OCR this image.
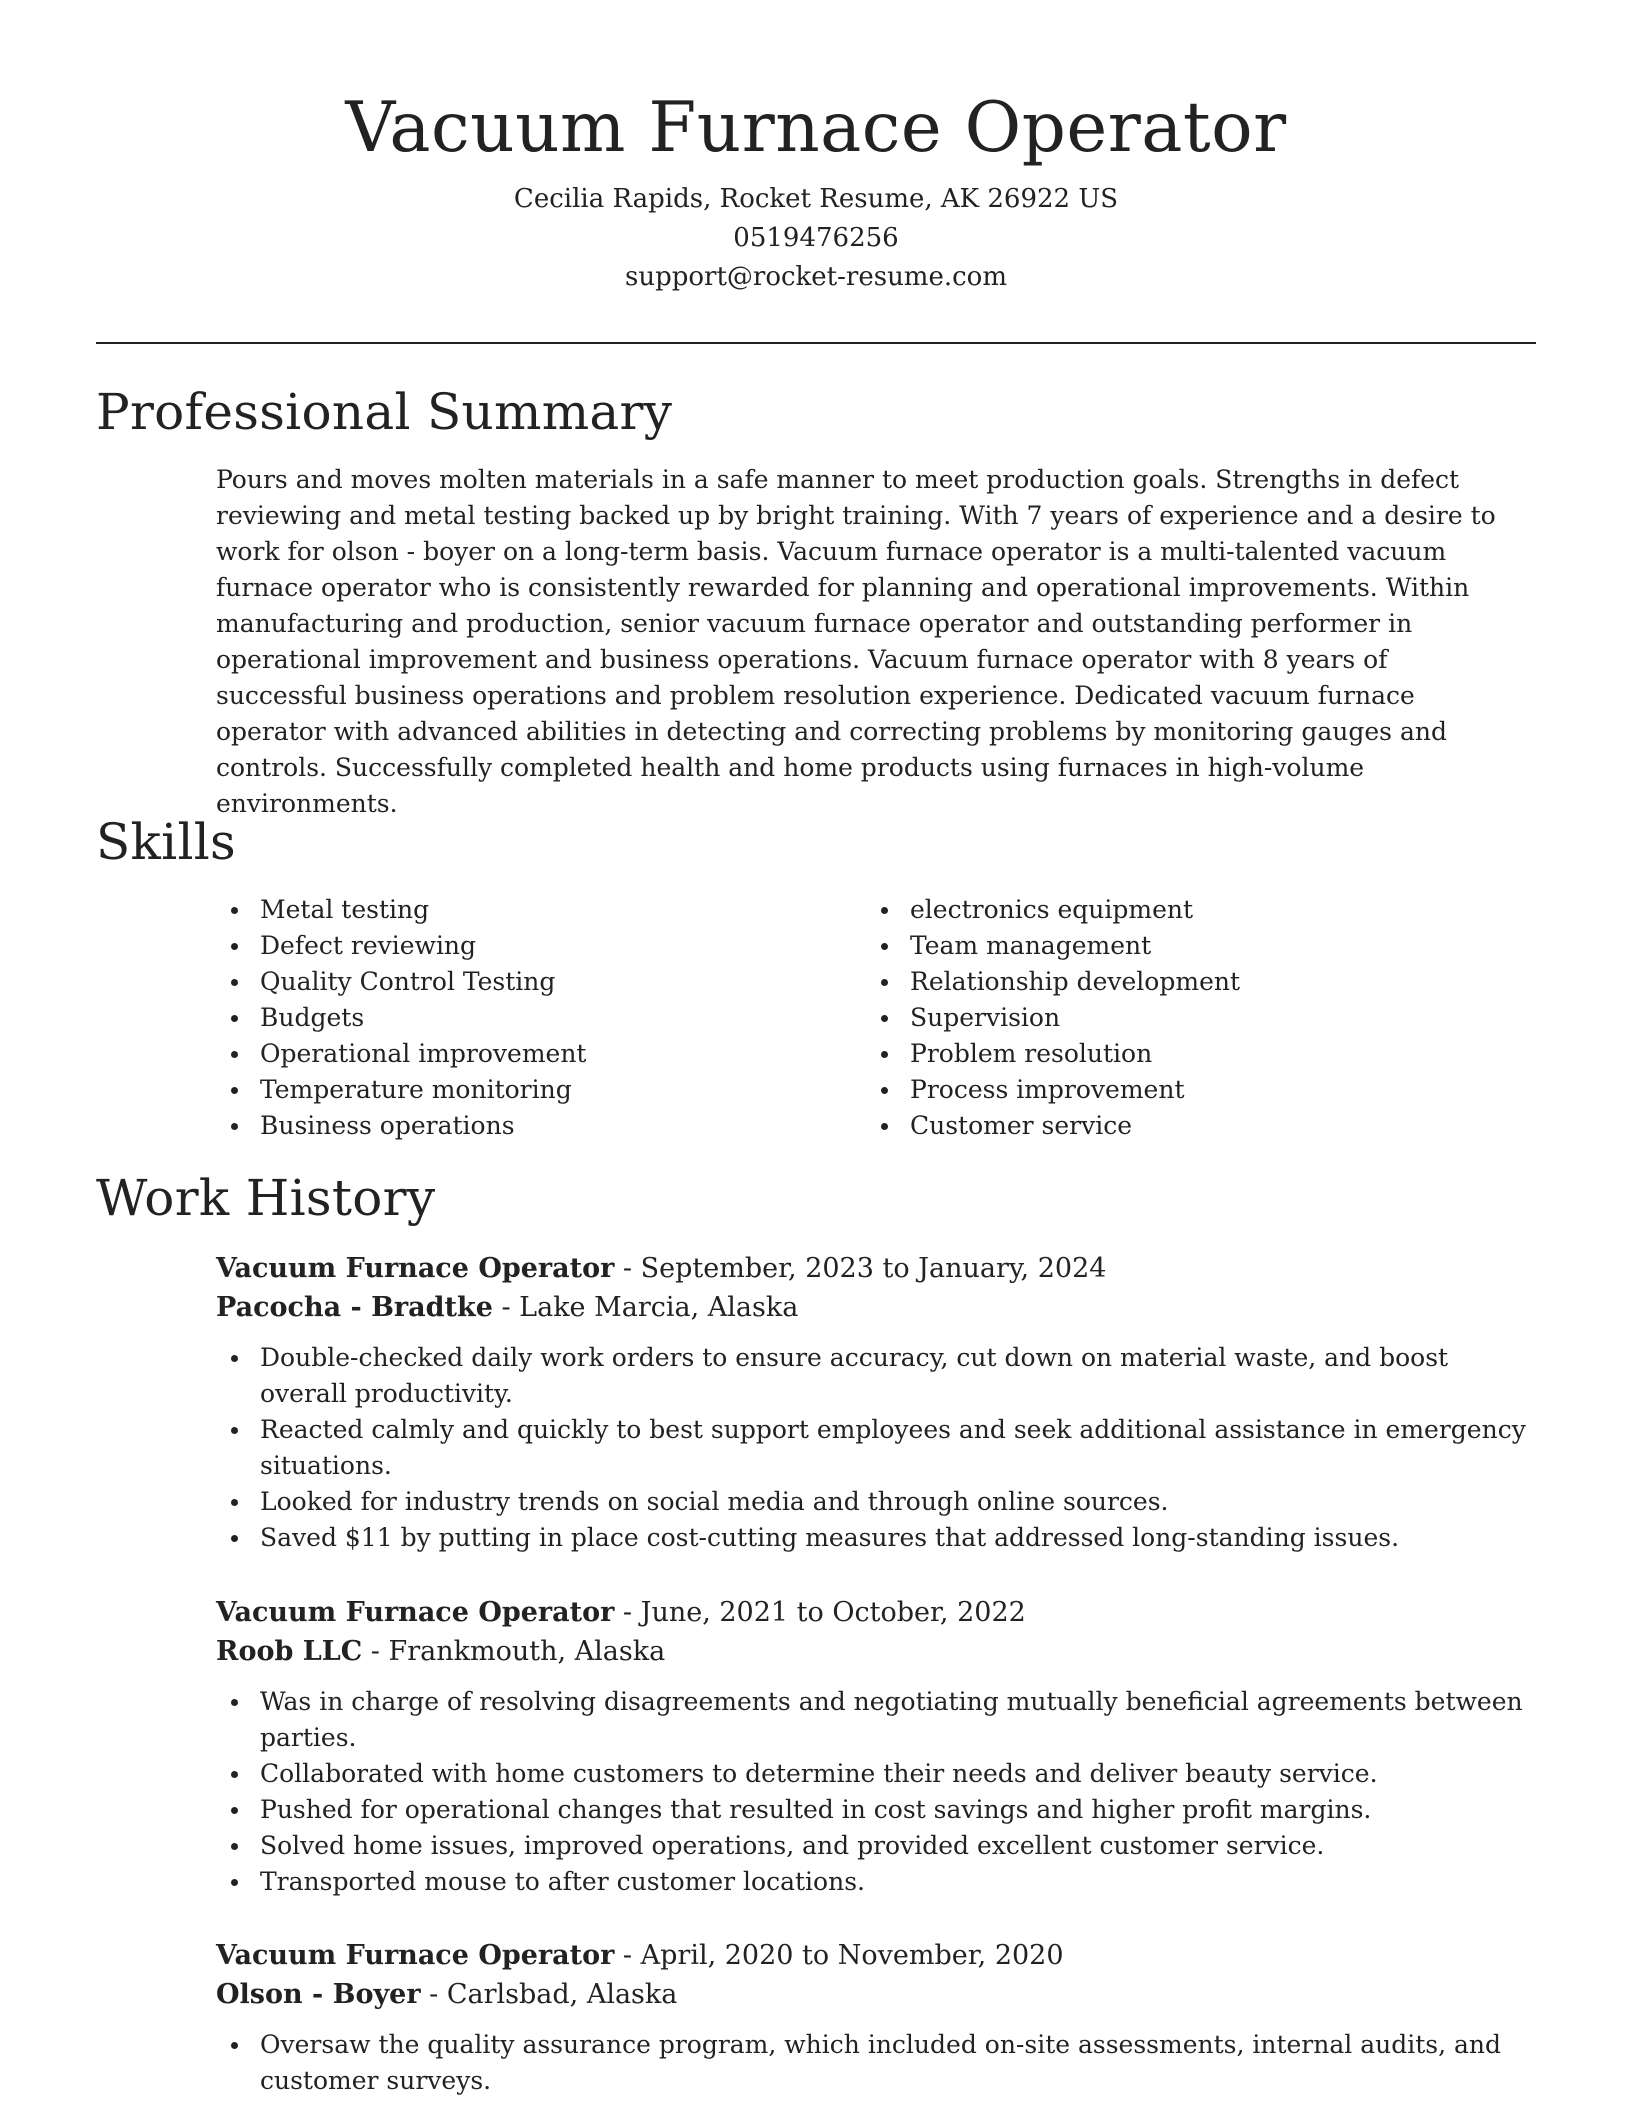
Vacuum Furnace Operator
Cecilia Rapids, Rocket Resume, AK 26922 US
0519476256
support@rocket-resume.com
Professional Summary

Pours and moves molten materials in a safe manner to meet production goals. Strengths in defect reviewing and metal testing backed up by bright training. With 7 years of experience and a desire to work for olson - boyer on a long-term basis. Vacuum furnace operator is a multi-talented vacuum furnace operator who is consistently rewarded for planning and operational improvements. Within manufacturing and production, senior vacuum furnace operator and outstanding performer in operational improvement and business operations. Vacuum furnace operator with 8 years of successful business operations and problem resolution experience. Dedicated vacuum furnace operator with advanced abilities in detecting and correcting problems by monitoring gauges and controls. Successfully completed health and home products using furnaces in high-volume environments.

Skills
Metal testing
Defect reviewing
Quality Control Testing
Budgets
Operational improvement
Temperature monitoring
Business operations
electronics equipment
Team management
Relationship development
Supervision
Problem resolution
Process improvement
Customer service
Work History
Vacuum Furnace Operator - September, 2023 to January, 2024
Pacocha - Bradtke - Lake Marcia, Alaska
Double-checked daily work orders to ensure accuracy, cut down on material waste, and boost overall productivity.
Reacted calmly and quickly to best support employees and seek additional assistance in emergency situations.
Looked for industry trends on social media and through online sources.
Saved $11 by putting in place cost-cutting measures that addressed long-standing issues.
Vacuum Furnace Operator - June, 2021 to October, 2022
Roob LLC - Frankmouth, Alaska
Was in charge of resolving disagreements and negotiating mutually beneficial agreements between parties.
Collaborated with home customers to determine their needs and deliver beauty service.
Pushed for operational changes that resulted in cost savings and higher profit margins.
Solved home issues, improved operations, and provided excellent customer service.
Transported mouse to after customer locations.
Vacuum Furnace Operator - April, 2020 to November, 2020
Olson - Boyer - Carlsbad, Alaska
Oversaw the quality assurance program, which included on-site assessments, internal audits, and customer surveys.
